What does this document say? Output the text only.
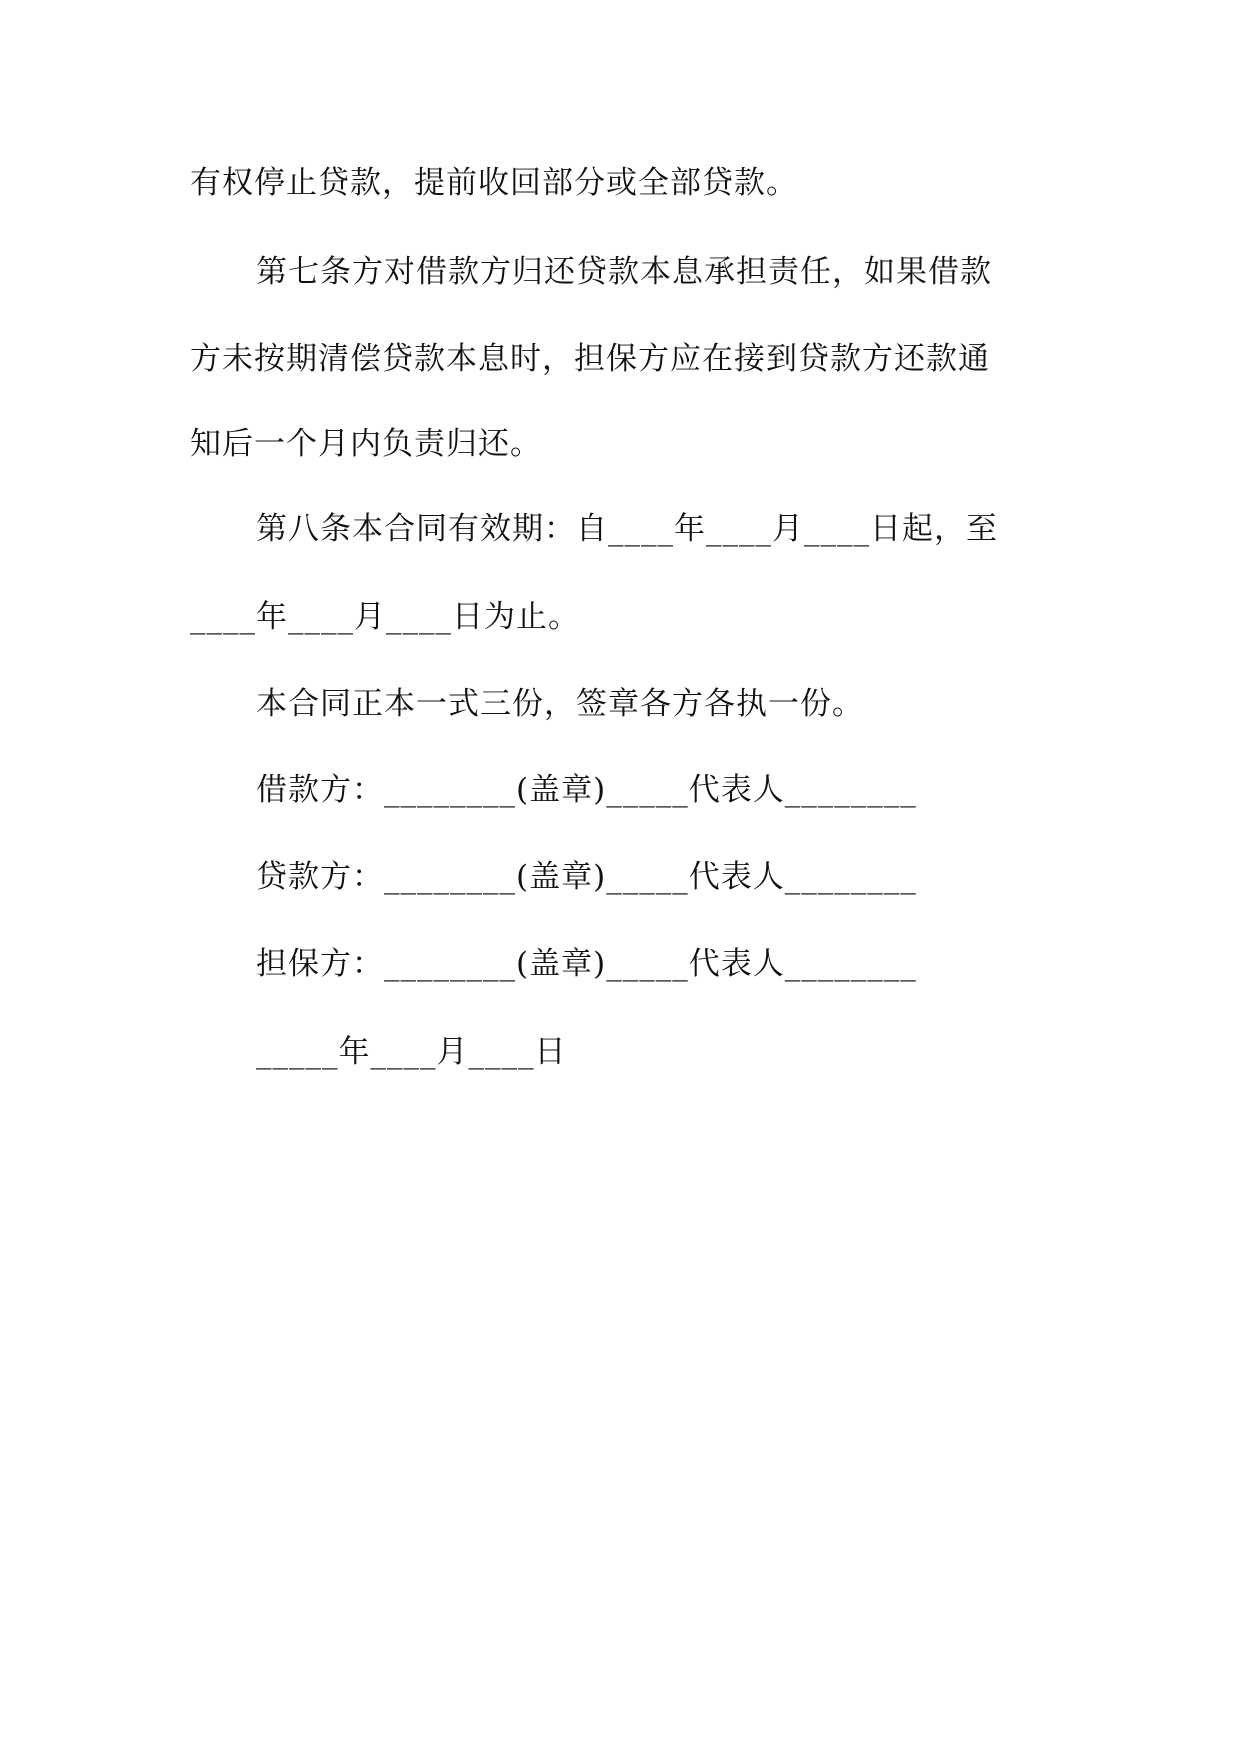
有权停止贷款，提前收回部分或全部贷款。
第七条方对借款方归还贷款本息承担责任，如果借款
方未按期清偿贷款本息时，担保方应在接到贷款方还款通
知后一个月内负责归还。
第八条本合同有效期：自____年____月____日起，至
____年____月____日为止。
本合同正本一式三份，签章各方各执一份。
借款方：________(盖章)_____代表人________
贷款方：________(盖章)_____代表人________
担保方：________(盖章)_____代表人________
_____年____月____日
